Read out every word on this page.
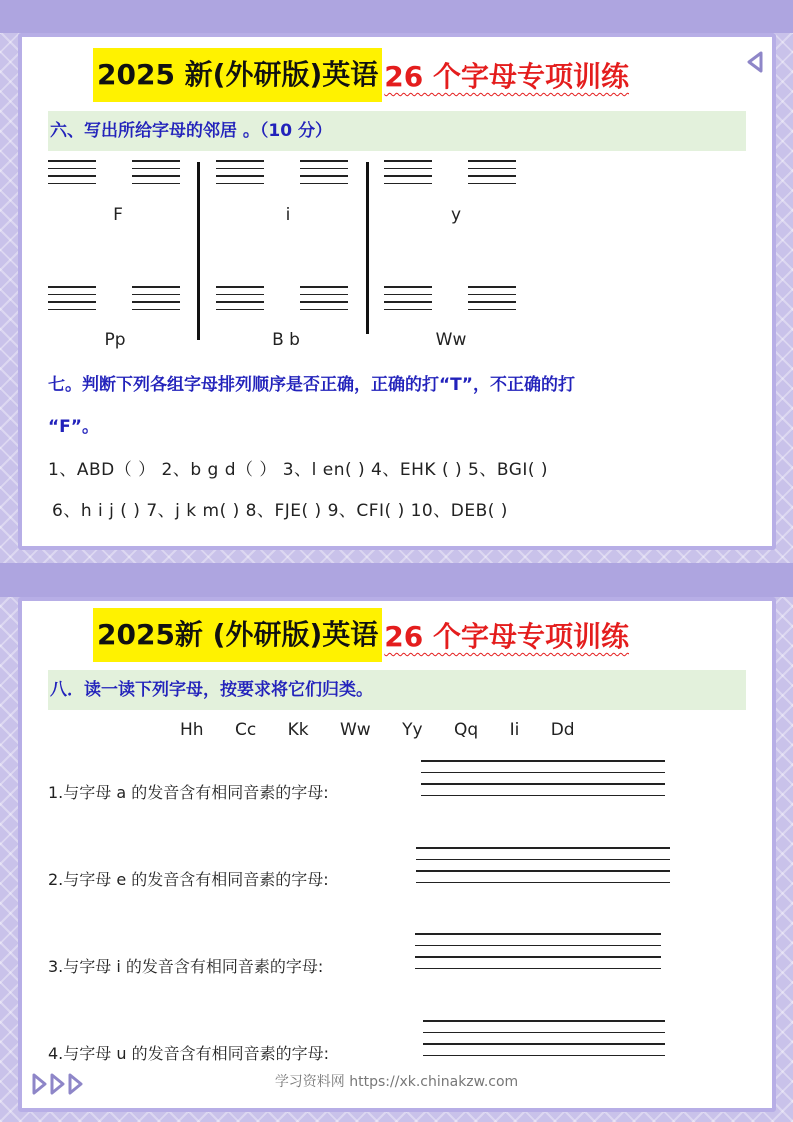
2025 新(外研版)英语 26 个字母专项训练
六、写出所给字母的邻居 。（10 分）
F	i	y
Pp	B b	Ww
七。判断下列各组字母排列顺序是否正确，正确的打“T”，不正确的打
“F”。
1、ABD（ ） 2、b g d（ ） 3、l en( ) 4、EHK ( ) 5、BGI( )
6、h i j ( ) 7、j k m( ) 8、FJE( ) 9、CFI( ) 10、DEB( )
2025新 (外研版)英语 26 个字母专项训练
八．读一读下列字母，按要求将它们归类。
Hh Cc Kk Ww Yy Qq Ii Dd
1.与字母 a 的发音含有相同音素的字母:
2.与字母 e 的发音含有相同音素的字母:
3.与字母 i 的发音含有相同音素的字母:
4.与字母 u 的发音含有相同音素的字母:
学习资料网 https://xk.chinakzw.com
